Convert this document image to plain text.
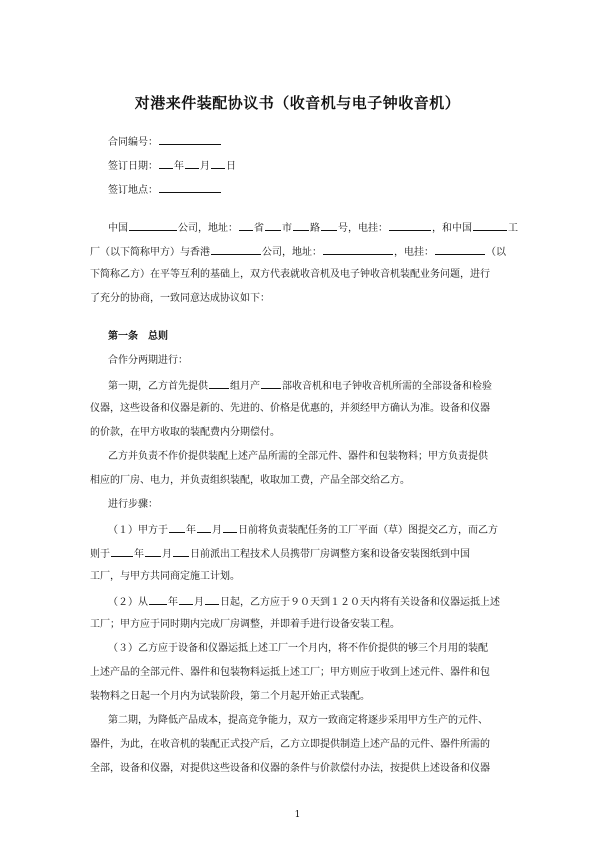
对港来件装配协议书（收音机与电子钟收音机）
合同编号：
签订日期： 年 月 日
签订地点：
中国	公司，地址： 省 市 路 号，电挂：	，和中国	工
厂（以下简称甲方）与香港	公司，地址：	，电挂：	（以
下简称乙方）在平等互利的基础上，双方代表就收音机及电子钟收音机装配业务问题，进行
了充分的协商，一致同意达成协议如下：
第一条　总则
合作分两期进行：
第一期，乙方首先提供 组月产 部收音机和电子钟收音机所需的全部设备和检验
仪器，这些设备和仪器是新的、先进的、价格是优惠的，并须经甲方确认为准。设备和仪器
的价款，在甲方收取的装配费内分期偿付。
乙方并负责不作价提供装配上述产品所需的全部元件、器件和包装物料；甲方负责提供
相应的厂房、电力，并负责组织装配，收取加工费，产品全部交给乙方。
进行步骤：
（１）甲方于 年 月 日前将负责装配任务的工厂平面（草）图提交乙方，而乙方
则于 年 月 日前派出工程技术人员携带厂房调整方案和设备安装图纸到中国
工厂，与甲方共同商定施工计划。
（２）从 年 月 日起，乙方应于９０天到１２０天内将有关设备和仪器运抵上述
工厂；甲方应于同时期内完成厂房调整，并即着手进行设备安装工程。
（３）乙方应于设备和仪器运抵上述工厂一个月内，将不作价提供的够三个月用的装配
上述产品的全部元件、器件和包装物料运抵上述工厂；甲方则应于收到上述元件、器件和包
装物料之日起一个月内为试装阶段，第二个月起开始正式装配。
第二期，为降低产品成本，提高竞争能力，双方一致商定将逐步采用甲方生产的元件、
器件，为此，在收音机的装配正式投产后，乙方立即提供制造上述产品的元件、器件所需的
全部，设备和仪器，对提供这些设备和仪器的条件与价款偿付办法，按提供上述设备和仪器
1
